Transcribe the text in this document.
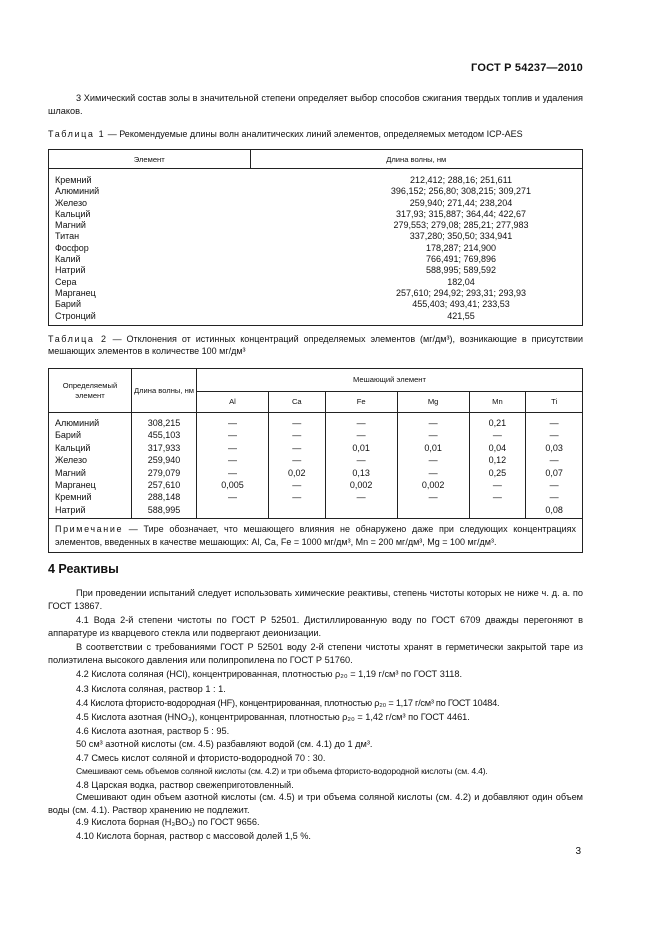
ГОСТ Р 54237—2010
3 Химический состав золы в значительной степени определяет выбор способов сжигания твердых топлив и удаления шлаков.
Таблица 1 — Рекомендуемые длины волн аналитических линий элементов, определяемых методом ICP-AES
Элемент	Длина волны, нм
Кремний	212,412; 288,16; 251,611
Алюминий	396,152; 256,80; 308,215; 309,271
Железо	259,940; 271,44; 238,204
Кальций	317,93; 315,887; 364,44; 422,67
Магний	279,553; 279,08; 285,21; 277,983
Титан	337,280; 350,50; 334,941
Фосфор	178,287; 214,900
Калий	766,491; 769,896
Натрий	588,995; 589,592
Сера	182,04
Марганец	257,610; 294,92; 293,31; 293,93
Барий	455,403; 493,41; 233,53
Стронций	421,55
Таблица 2 — Отклонения от истинных концентраций определяемых элементов (мг/дм³), возникающие в присутствии мешающих элементов в количестве 100 мг/дм³
Определяемый элемент	Длина волны, нм	Мешающий элемент					
		Al	Ca	Fe	Mg	Mn	Ti
Алюминий	308,215	—	—	—	—	0,21	—
Барий	455,103	—	—	—	—	—	—
Кальций	317,933	—	—	0,01	0,01	0,04	0,03
Железо	259,940	—	—	—	—	0,12	—
Магний	279,079	—	0,02	0,13	—	0,25	0,07
Марганец	257,610	0,005	—	0,002	0,002	—	—
Кремний	288,148	—	—	—	—	—	—
Натрий	588,995						0,08
Примечание — Тире обозначает, что мешающего влияния не обнаружено даже при следующих концентрациях элементов, введенных в качестве мешающих: Al, Ca, Fe = 1000 мг/дм³, Mn = 200 мг/дм³, Mg = 100 мг/дм³.							
4 Реактивы
При проведении испытаний следует использовать химические реактивы, степень чистоты которых не ниже ч. д. а. по ГОСТ 13867.
4.1 Вода 2-й степени чистоты по ГОСТ Р 52501. Дистиллированную воду по ГОСТ 6709 дважды перегоняют в аппаратуре из кварцевого стекла или подвергают деионизации.
В соответствии с требованиями ГОСТ Р 52501 воду 2-й степени чистоты хранят в герметически закрытой таре из полиэтилена высокого давления или полипропилена по ГОСТ Р 51760.
4.2 Кислота соляная (HCl), концентрированная, плотностью ρ₂₀ = 1,19 г/см³ по ГОСТ 3118.
4.3 Кислота соляная, раствор 1 : 1.
4.4 Кислота фтористо-водородная (HF), концентрированная, плотностью ρ₂₀ = 1,17 г/см³ по ГОСТ 10484.
4.5 Кислота азотная (HNO₃), концентрированная, плотностью ρ₂₀ = 1,42 г/см³ по ГОСТ 4461.
4.6 Кислота азотная, раствор 5 : 95.
50 см³ азотной кислоты (см. 4.5) разбавляют водой (см. 4.1) до 1 дм³.
4.7 Смесь кислот соляной и фтористо-водородной 70 : 30.
Смешивают семь объемов соляной кислоты (см. 4.2) и три объема фтористо-водородной кислоты (см. 4.4).
4.8 Царская водка, раствор свежеприготовленный.
Смешивают один объем азотной кислоты (см. 4.5) и три объема соляной кислоты (см. 4.2) и добавляют один объем воды (см. 4.1). Раствор хранению не подлежит.
4.9 Кислота борная (H₃BO₃) по ГОСТ 9656.
4.10 Кислота борная, раствор с массовой долей 1,5 %.
3
